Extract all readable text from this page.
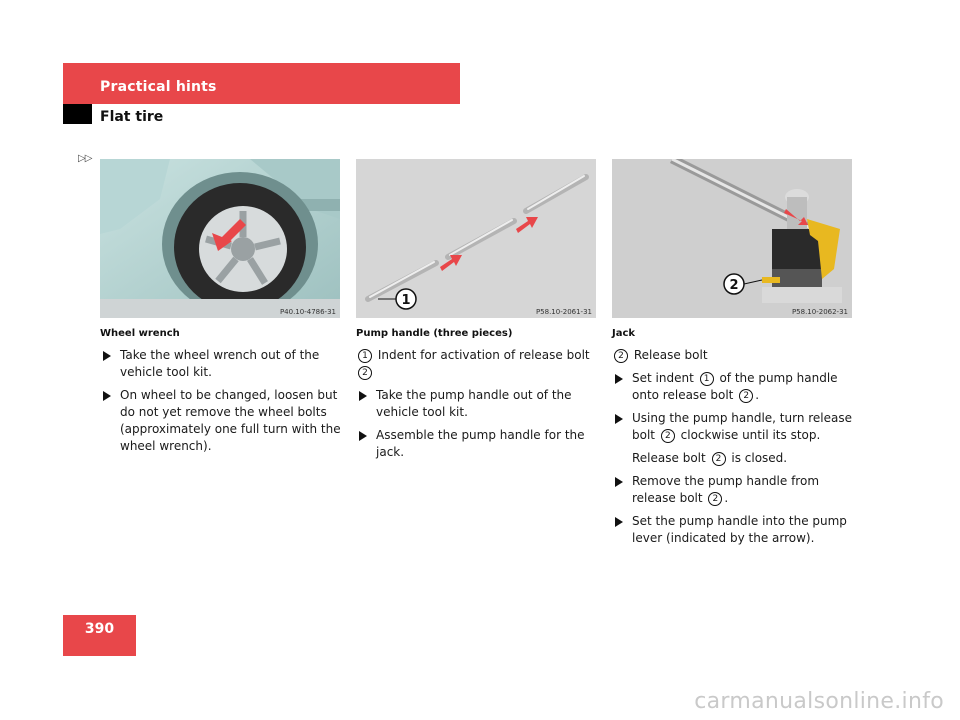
Practical hints
Flat tire
▷▷
P40.10-4786-31
1
P58.10-2061-31
2
P58.10-2062-31
Wheel wrench	Pump handle (three pieces)	Jack
Take the wheel wrench out of the vehicle tool kit.
On wheel to be changed, loosen but do not yet remove the wheel bolts (approximately one full turn with the wheel wrench).
1 Indent for activation of release bolt 2
Take the pump handle out of the vehicle tool kit.
Assemble the pump handle for the jack.
2 Release bolt
Set indent 1 of the pump handle onto release bolt 2 .
Using the pump handle, turn release bolt 2 clockwise until its stop.
Release bolt 2 is closed.
Remove the pump handle from release bolt 2 .
Set the pump handle into the pump lever (indicated by the arrow).
390
carmanualsonline.info
